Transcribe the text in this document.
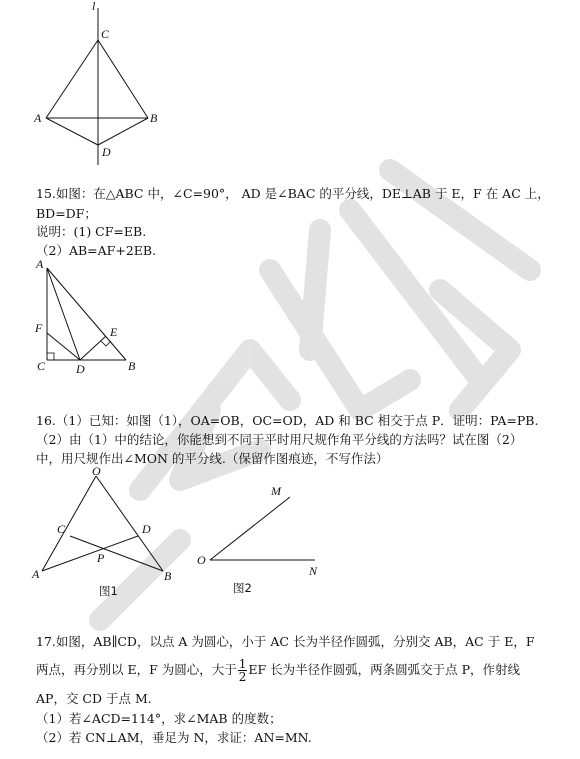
l
C
A	B
D
15.如图：在△ABC 中，∠C=90°， AD 是∠BAC 的平分线，DE⊥AB 于 E，F 在 AC 上，
BD=DF；
说明：(1) CF=EB.
（2）AB=AF+2EB.
A
F	E
C	D	B
16.（1）已知：如图（1），OA=OB，OC=OD，AD 和 BC 相交于点 P．证明：PA=PB.
（2）由（1）中的结论，你能想到不同于平时用尺规作角平分线的方法吗？试在图（2）
中，用尺规作出∠MON 的平分线.（保留作图痕迹，不写作法）
O
C	D
P
A	B
图1
M
O
N
图2
17.如图，AB∥CD，以点 A 为圆心，小于 AC 长为半径作圆弧，分别交 AB，AC 于 E，F
两点，再分别以 E，F 为圆心，大于 $\frac{1}{2}$ EF 长为半径作圆弧，两条圆弧交于点 P，作射线
AP，交 CD 于点 M.
（1）若∠ACD=114°，求∠MAB 的度数；
（2）若 CN⊥AM，垂足为 N，求证：AN=MN.
